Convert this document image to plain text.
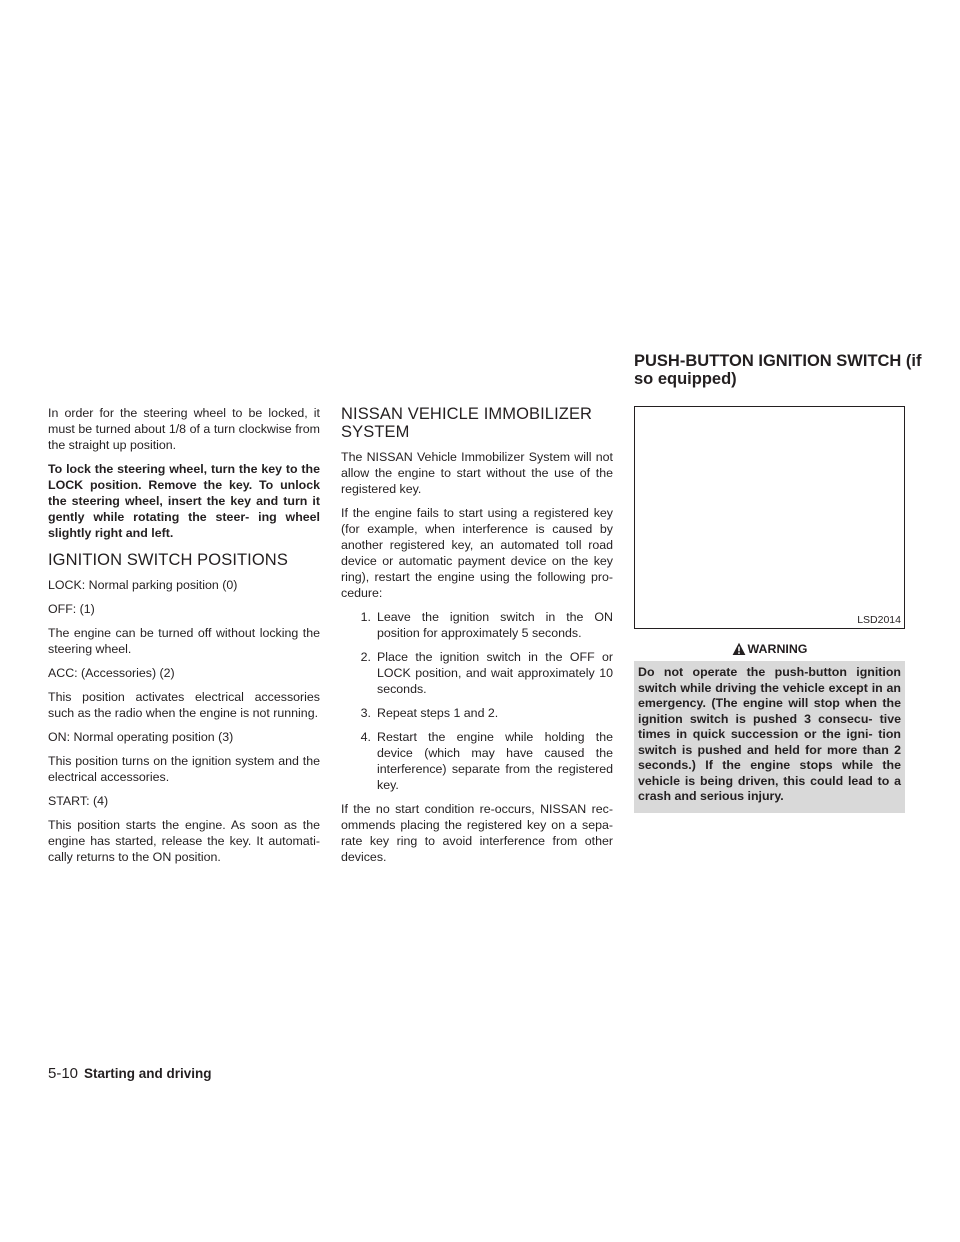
PUSH-BUTTON IGNITION SWITCH (if so equipped)

In order for the steering wheel to be locked, it must be turned about 1/8 of a turn clockwise from the straight up position.

To lock the steering wheel, turn the key to the LOCK position. Remove the key. To unlock the steering wheel, insert the key and turn it gently while rotating the steer- ing wheel slightly right and left.

IGNITION SWITCH POSITIONS

LOCK: Normal parking position (0)

OFF: (1)

The engine can be turned off without locking the steering wheel.

ACC: (Accessories) (2)

This position activates electrical accessories such as the radio when the engine is not running.

ON: Normal operating position (3)

This position turns on the ignition system and the electrical accessories.

START: (4)

This position starts the engine. As soon as the engine has started, release the key. It automati- cally returns to the ON position.

NISSAN VEHICLE IMMOBILIZER SYSTEM

The NISSAN Vehicle Immobilizer System will not allow the engine to start without the use of the registered key.

If the engine fails to start using a registered key (for example, when interference is caused by another registered key, an automated toll road device or automatic payment device on the key ring), restart the engine using the following pro- cedure:

1. Leave the ignition switch in the ON position for approximately 5 seconds.
2. Place the ignition switch in the OFF or LOCK position, and wait approximately 10 seconds.
3. Repeat steps 1 and 2.
4. Restart the engine while holding the device (which may have caused the interference) separate from the registered key.

If the no start condition re-occurs, NISSAN rec- ommends placing the registered key on a sepa- rate key ring to avoid interference from other devices.

LSD2014
WARNING
Do not operate the push-button ignition switch while driving the vehicle except in an emergency. (The engine will stop when the ignition switch is pushed 3 consecu- tive times in quick succession or the igni- tion switch is pushed and held for more than 2 seconds.) If the engine stops while the vehicle is being driven, this could lead to a crash and serious injury.
5-10 Starting and driving
